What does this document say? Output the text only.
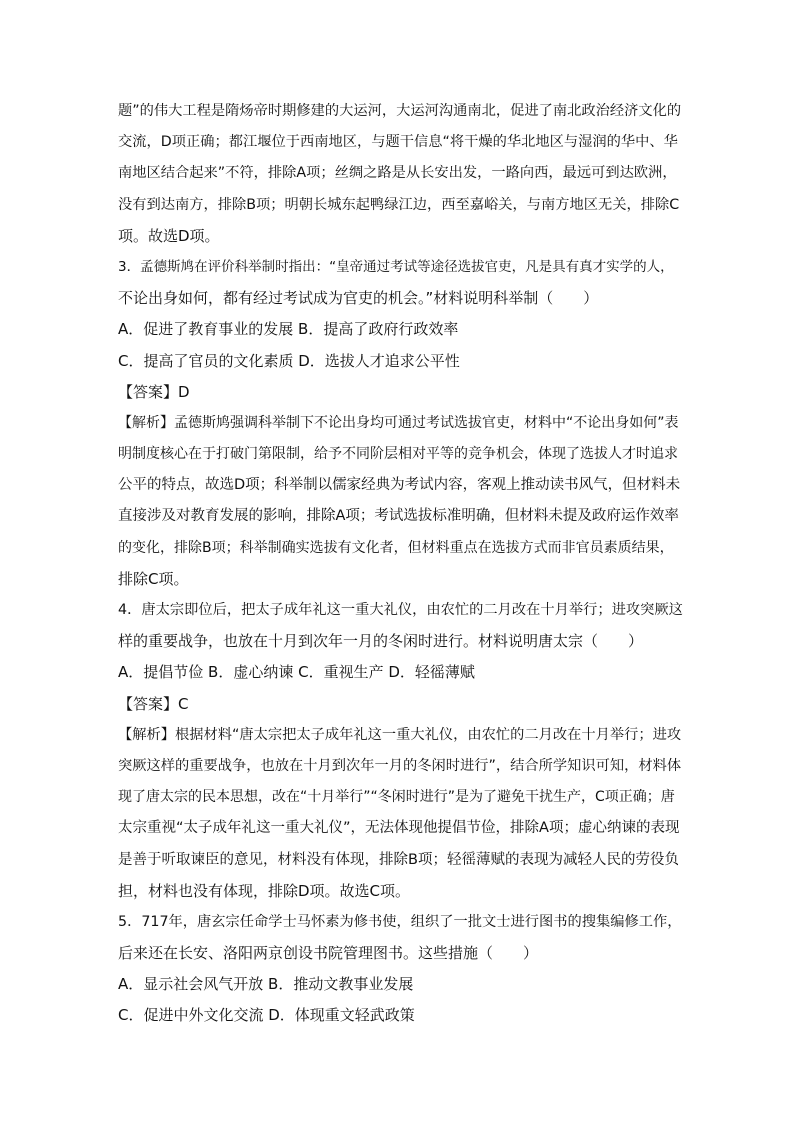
题”的伟大工程是隋炀帝时期修建的大运河，大运河沟通南北，促进了南北政治经济文化的
交流，D项正确；都江堰位于西南地区，与题干信息“将干燥的华北地区与湿润的华中、华
南地区结合起来”不符，排除A项；丝绸之路是从长安出发，一路向西，最远可到达欧洲，
没有到达南方，排除B项；明朝长城东起鸭绿江边，西至嘉峪关，与南方地区无关，排除C
项。故选D项。
3．孟德斯鸠在评价科举制时指出：“皇帝通过考试等途径选拔官吏，凡是具有真才实学的人，
不论出身如何，都有经过考试成为官吏的机会。”材料说明科举制（　　）
A．促进了教育事业的发展 B．提高了政府行政效率
C．提高了官员的文化素质 D．选拔人才追求公平性
【答案】D
【解析】孟德斯鸠强调科举制下不论出身均可通过考试选拔官吏，材料中“不论出身如何”表
明制度核心在于打破门第限制，给予不同阶层相对平等的竞争机会，体现了选拔人才时追求
公平的特点，故选D项；科举制以儒家经典为考试内容，客观上推动读书风气，但材料未
直接涉及对教育发展的影响，排除A项；考试选拔标准明确，但材料未提及政府运作效率
的变化，排除B项；科举制确实选拔有文化者，但材料重点在选拔方式而非官员素质结果，
排除C项。
4．唐太宗即位后，把太子成年礼这一重大礼仪，由农忙的二月改在十月举行；进攻突厥这
样的重要战争，也放在十月到次年一月的冬闲时进行。材料说明唐太宗（　　）
A．提倡节俭 B．虚心纳谏 C．重视生产 D．轻徭薄赋
【答案】C
【解析】根据材料“唐太宗把太子成年礼这一重大礼仪，由农忙的二月改在十月举行；进攻
突厥这样的重要战争，也放在十月到次年一月的冬闲时进行”，结合所学知识可知，材料体
现了唐太宗的民本思想，改在“十月举行”“冬闲时进行”是为了避免干扰生产，C项正确；唐
太宗重视“太子成年礼这一重大礼仪”，无法体现他提倡节俭，排除A项；虚心纳谏的表现
是善于听取谏臣的意见，材料没有体现，排除B项；轻徭薄赋的表现为减轻人民的劳役负
担，材料也没有体现，排除D项。故选C项。
5．717年，唐玄宗任命学士马怀素为修书使，组织了一批文士进行图书的搜集编修工作，
后来还在长安、洛阳两京创设书院管理图书。这些措施（　　）
A．显示社会风气开放 B．推动文教事业发展
C．促进中外文化交流 D．体现重文轻武政策
